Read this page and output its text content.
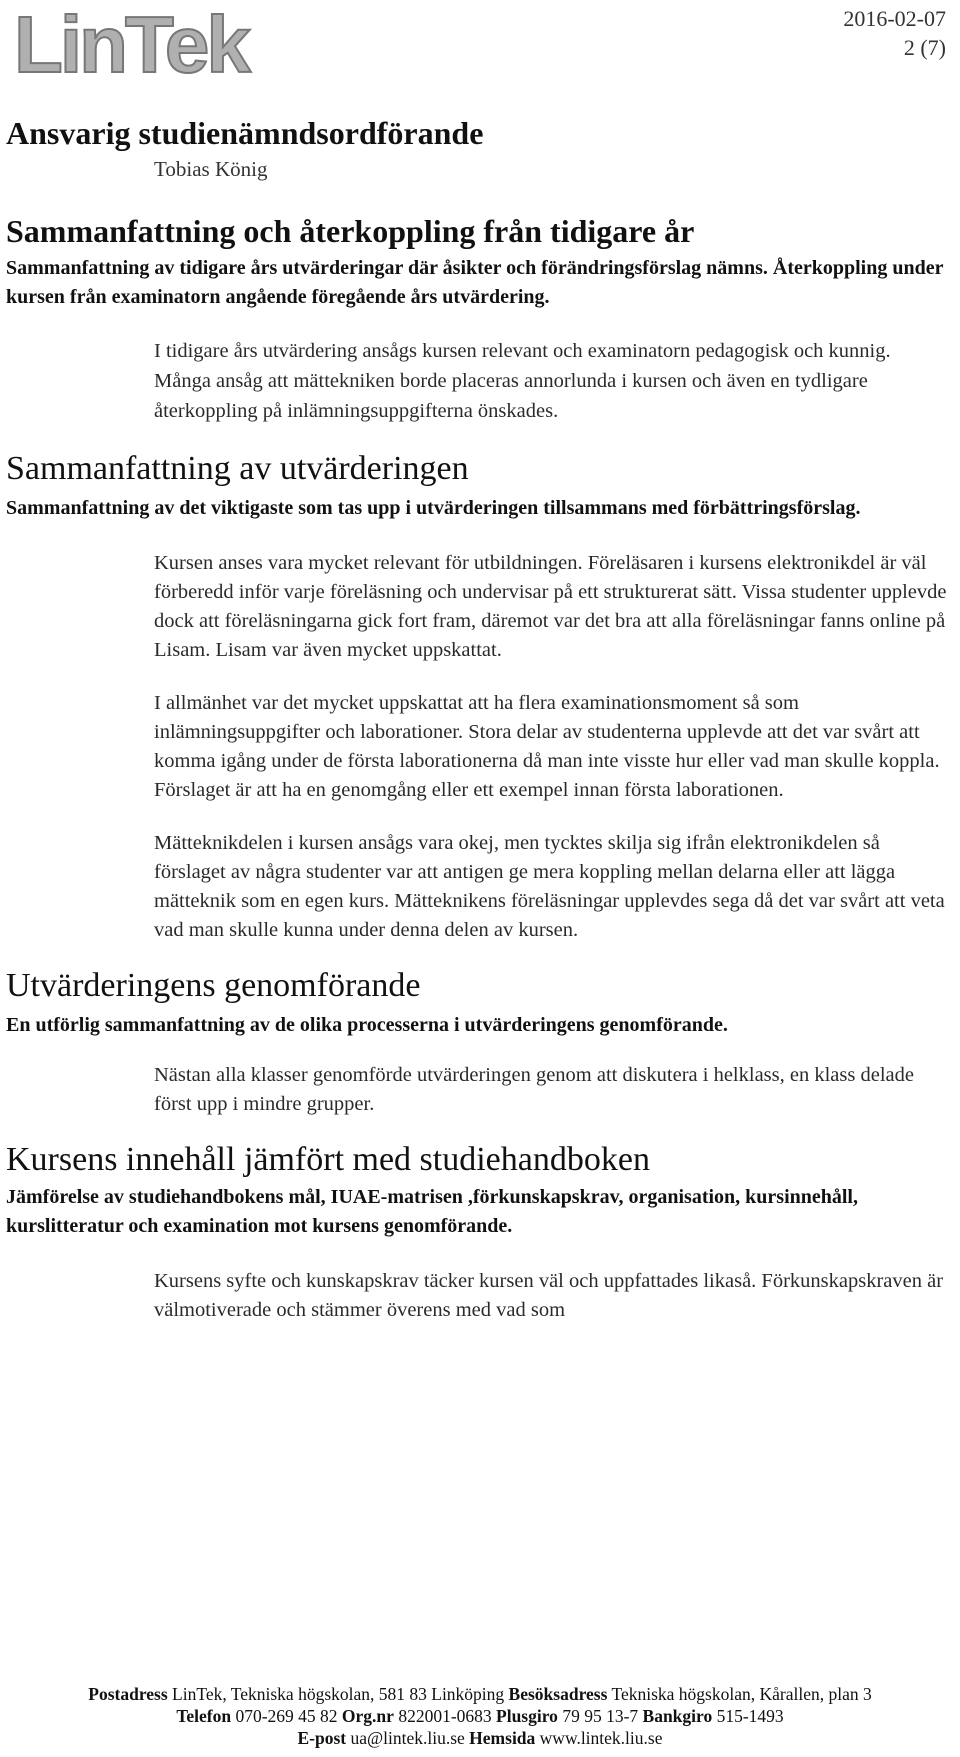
LinTek	2016-02-07
2 (7)
Ansvarig studienämndsordförande

Tobias König

Sammanfattning och återkoppling från tidigare år

Sammanfattning av tidigare års utvärderingar där åsikter och förändringsförslag nämns. Återkoppling under kursen från examinatorn angående föregående års utvärdering.

I tidigare års utvärdering ansågs kursen relevant och examinatorn pedagogisk och kunnig. Många ansåg att mättekniken borde placeras annorlunda i kursen och även en tydligare återkoppling på inlämningsuppgifterna önskades.

Sammanfattning av utvärderingen

Sammanfattning av det viktigaste som tas upp i utvärderingen tillsammans med förbättringsförslag.

Kursen anses vara mycket relevant för utbildningen. Föreläsaren i kursens elektronikdel är väl förberedd inför varje föreläsning och undervisar på ett strukturerat sätt. Vissa studenter upplevde dock att föreläsningarna gick fort fram, däremot var det bra att alla föreläsningar fanns online på Lisam. Lisam var även mycket uppskattat.

I allmänhet var det mycket uppskattat att ha flera examinationsmoment så som inlämningsuppgifter och laborationer. Stora delar av studenterna upplevde att det var svårt att komma igång under de första laborationerna då man inte visste hur eller vad man skulle koppla. Förslaget är att ha en genomgång eller ett exempel innan första laborationen.

Mätteknikdelen i kursen ansågs vara okej, men tycktes skilja sig ifrån elektronikdelen så förslaget av några studenter var att antigen ge mera koppling mellan delarna eller att lägga mätteknik som en egen kurs. Mätteknikens föreläsningar upplevdes sega då det var svårt att veta vad man skulle kunna under denna delen av kursen.

Utvärderingens genomförande

En utförlig sammanfattning av de olika processerna i utvärderingens genomförande.

Nästan alla klasser genomförde utvärderingen genom att diskutera i helklass, en klass delade först upp i mindre grupper.

Kursens innehåll jämfört med studiehandboken

Jämförelse av studiehandbokens mål, IUAE-matrisen ,förkunskapskrav, organisation, kursinnehåll, kurslitteratur och examination mot kursens genomförande.

Kursens syfte och kunskapskrav täcker kursen väl och uppfattades likaså. Förkunskapskraven är välmotiverade och stämmer överens med vad som

Postadress LinTek, Tekniska högskolan, 581 83 Linköping Besöksadress Tekniska högskolan, Kårallen, plan 3
Telefon 070-269 45 82 Org.nr 822001-0683 Plusgiro 79 95 13-7 Bankgiro 515-1493
E-post ua@lintek.liu.se Hemsida www.lintek.liu.se
